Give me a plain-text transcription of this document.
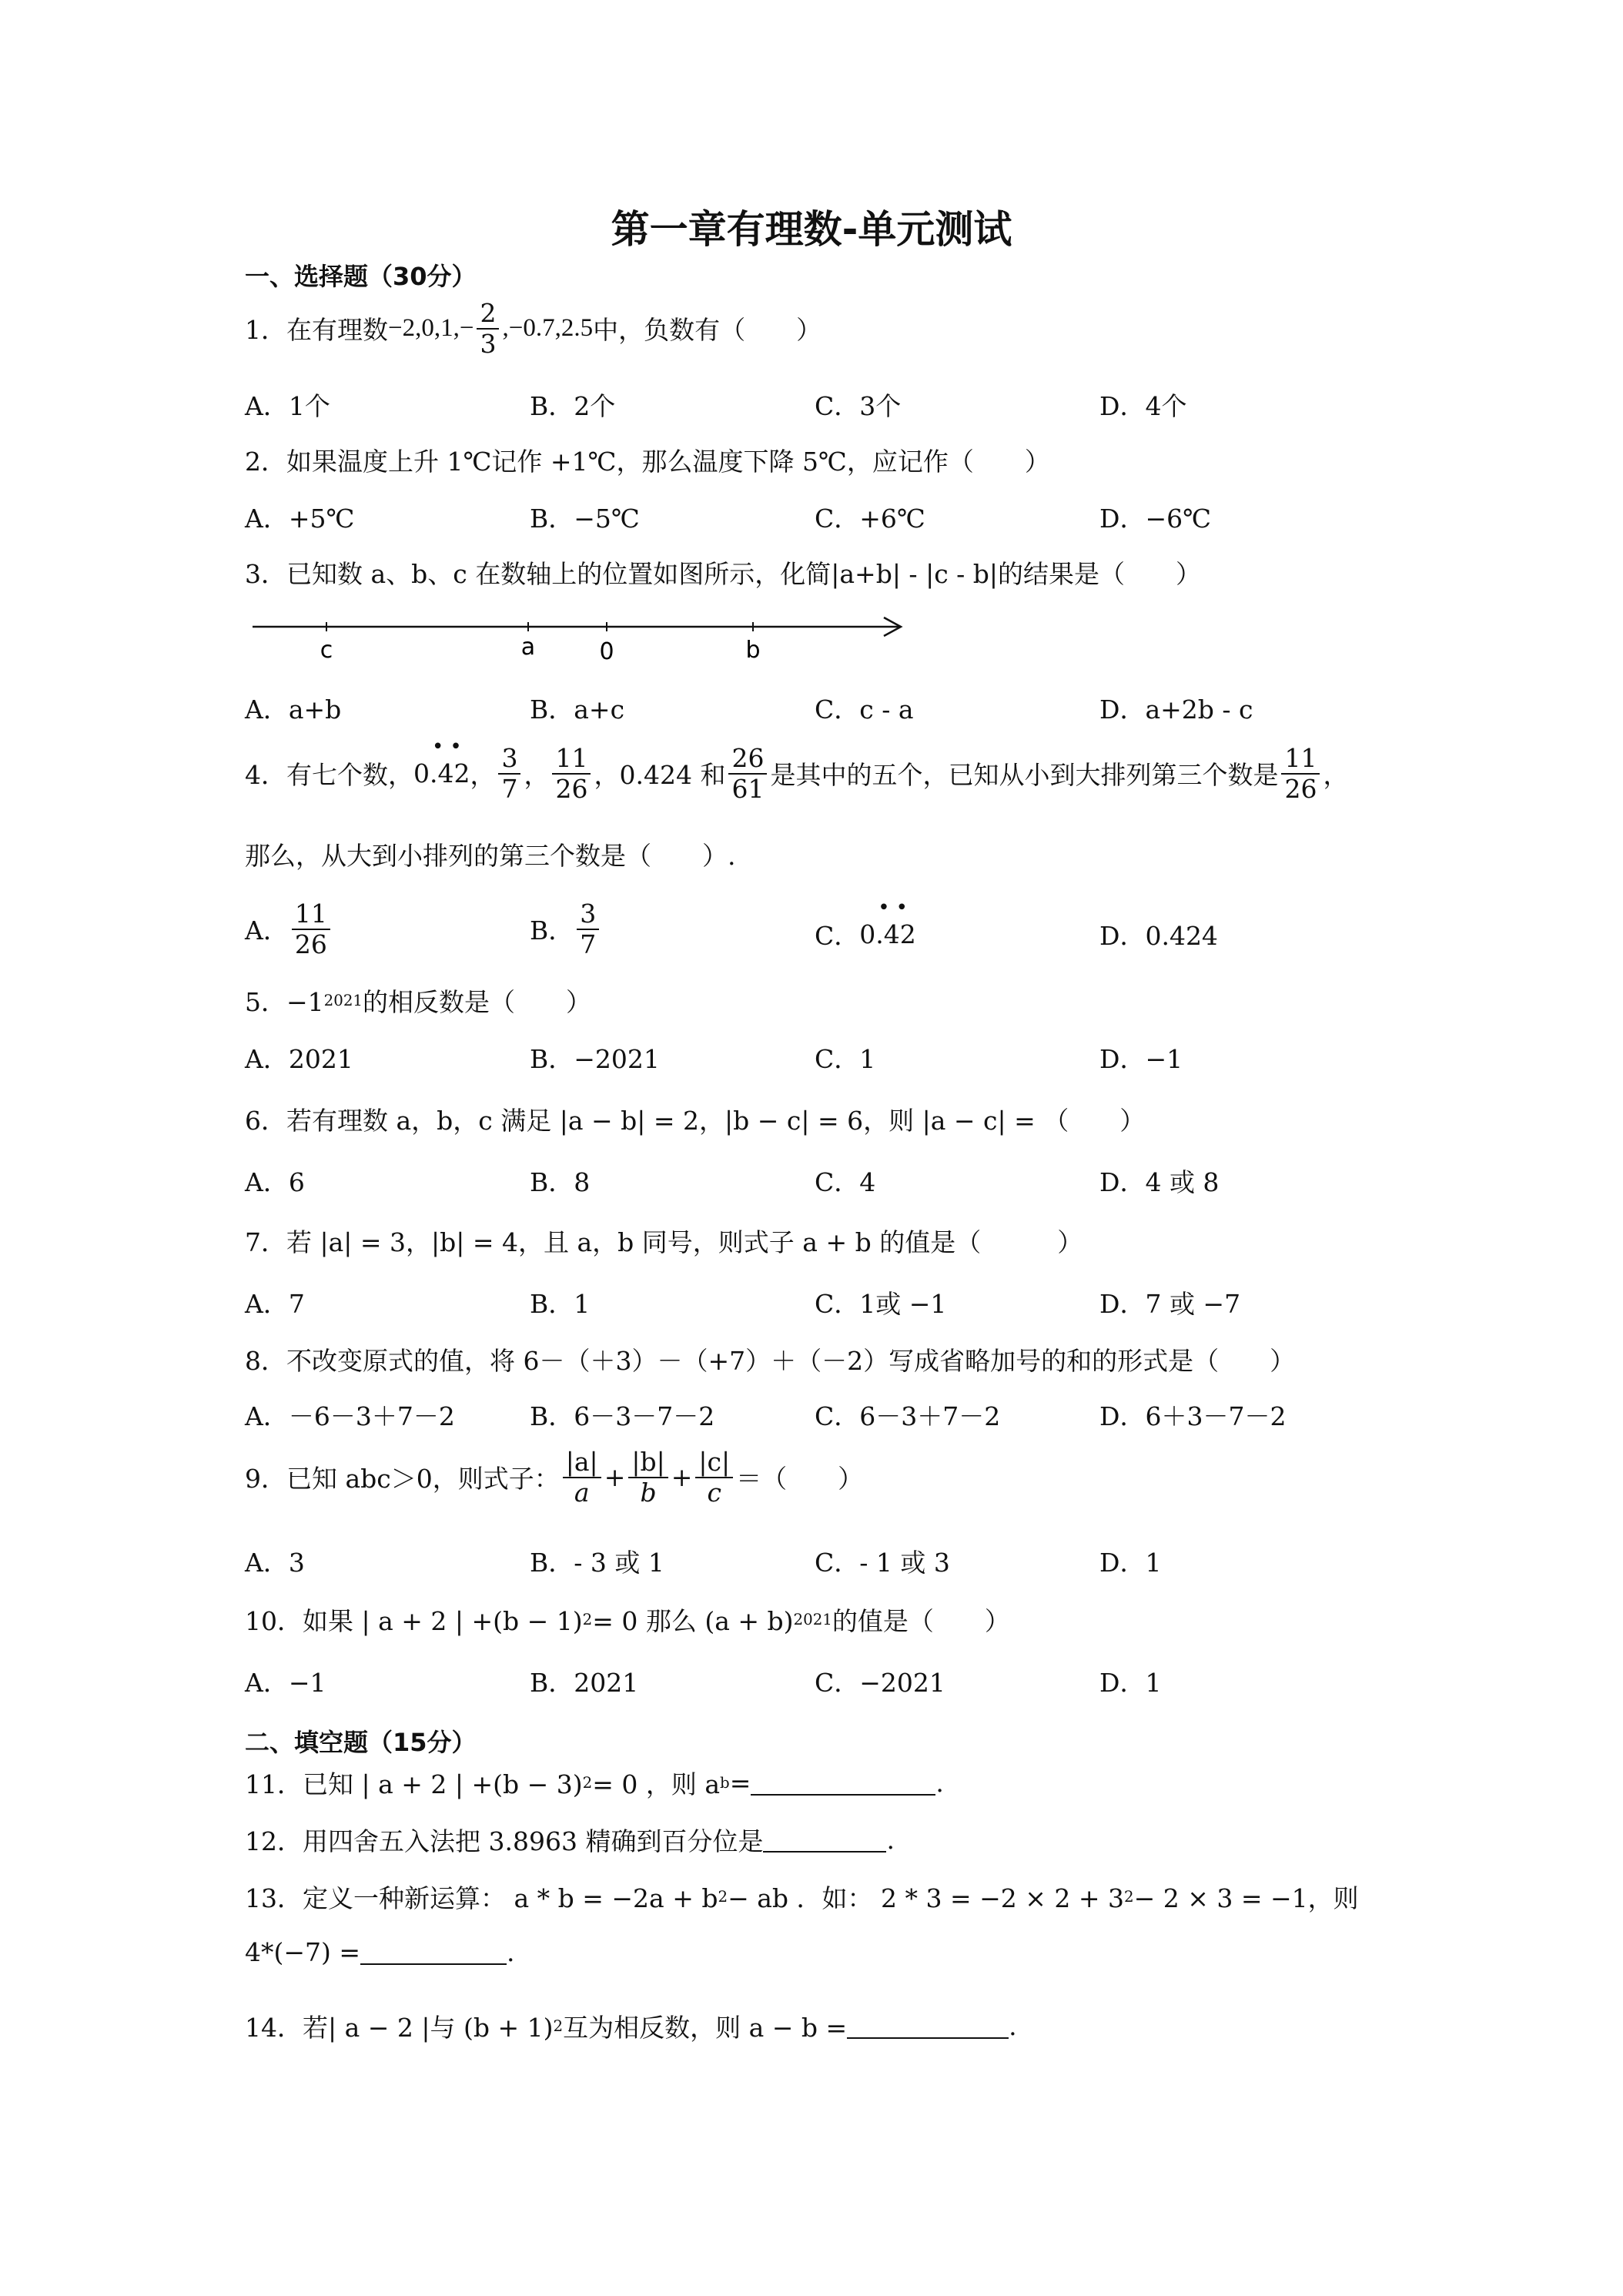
第一章有理数-单元测试
一、选择题（30分）
1．在有理数 $-2,0,1,- \frac{2}{3} ,-0.7,2.5$ 中，负数有（　　）
A．1个	B．2个	C．3个	D．4个
2．如果温度上升 1℃记作 +1℃，那么温度下降 5℃，应记作（　　）
A．+5℃	B．−5℃	C．+6℃	D．−6℃
3．已知数 a、b、c 在数轴上的位置如图所示，化简|a+b| - |c - b|的结果是（　　）
c	a	0	b
A．a+b	B．a+c	C．c - a	D．a+2b - c
4．有七个数，
••
0.42 ， $\frac{3}{7}$ ， $\frac{11}{26}$ ，0.424 和 $\frac{26}{61}$ 是其中的五个，已知从小到大排列第三个数是 $\frac{11}{26}$ ，
那么，从大到小排列的第三个数是（　　）.
A． $\frac{11}{26}$	B． $\frac{3}{7}$	C．
••
0.42	D．0.424
5．−1 2021 的相反数是（　　）
A．2021	B．−2021	C．1	D．−1
6．若有理数 a，b，c 满足 |a − b| = 2，|b − c| = 6，则 |a − c| = （　　）
A．6	B．8	C．4	D．4 或 8
7．若 |a| = 3，|b| = 4，且 a，b 同号，则式子 a + b 的值是（　　　）
A．7	B．1	C．1或 −1	D．7 或 −7
8．不改变原式的值，将 6－（＋3）－（+7）＋（－2）写成省略加号的和的形式是（　　）
A．－6－3＋7－2	B．6－3－7－2	C．6－3＋7－2	D．6＋3－7－2
9．已知 abc＞0，则式子： $\frac{|a|}{a} + \frac{|b|}{b} + \frac{|c|}{c}$ ＝（　　）
A．3	B．- 3 或 1	C．- 1 或 3	D．1
10．如果 | a + 2 | +(b − 1) 2 = 0 那么 (a + b) 2021 的值是（　　）
A．−1	B．2021	C．−2021	D．1
二、填空题（15分）
11．已知 | a + 2 | +(b − 3) 2 = 0 ，则 a b =	.
12．用四舍五入法把 3.8963 精确到百分位是	.
13．定义一种新运算： a * b = −2a + b 2 − ab ．如： 2 * 3 = −2 × 2 + 3 2 − 2 × 3 = −1，则
4*(−7) =	.
14．若| a − 2 |与 (b + 1) 2 互为相反数，则 a − b =	.
